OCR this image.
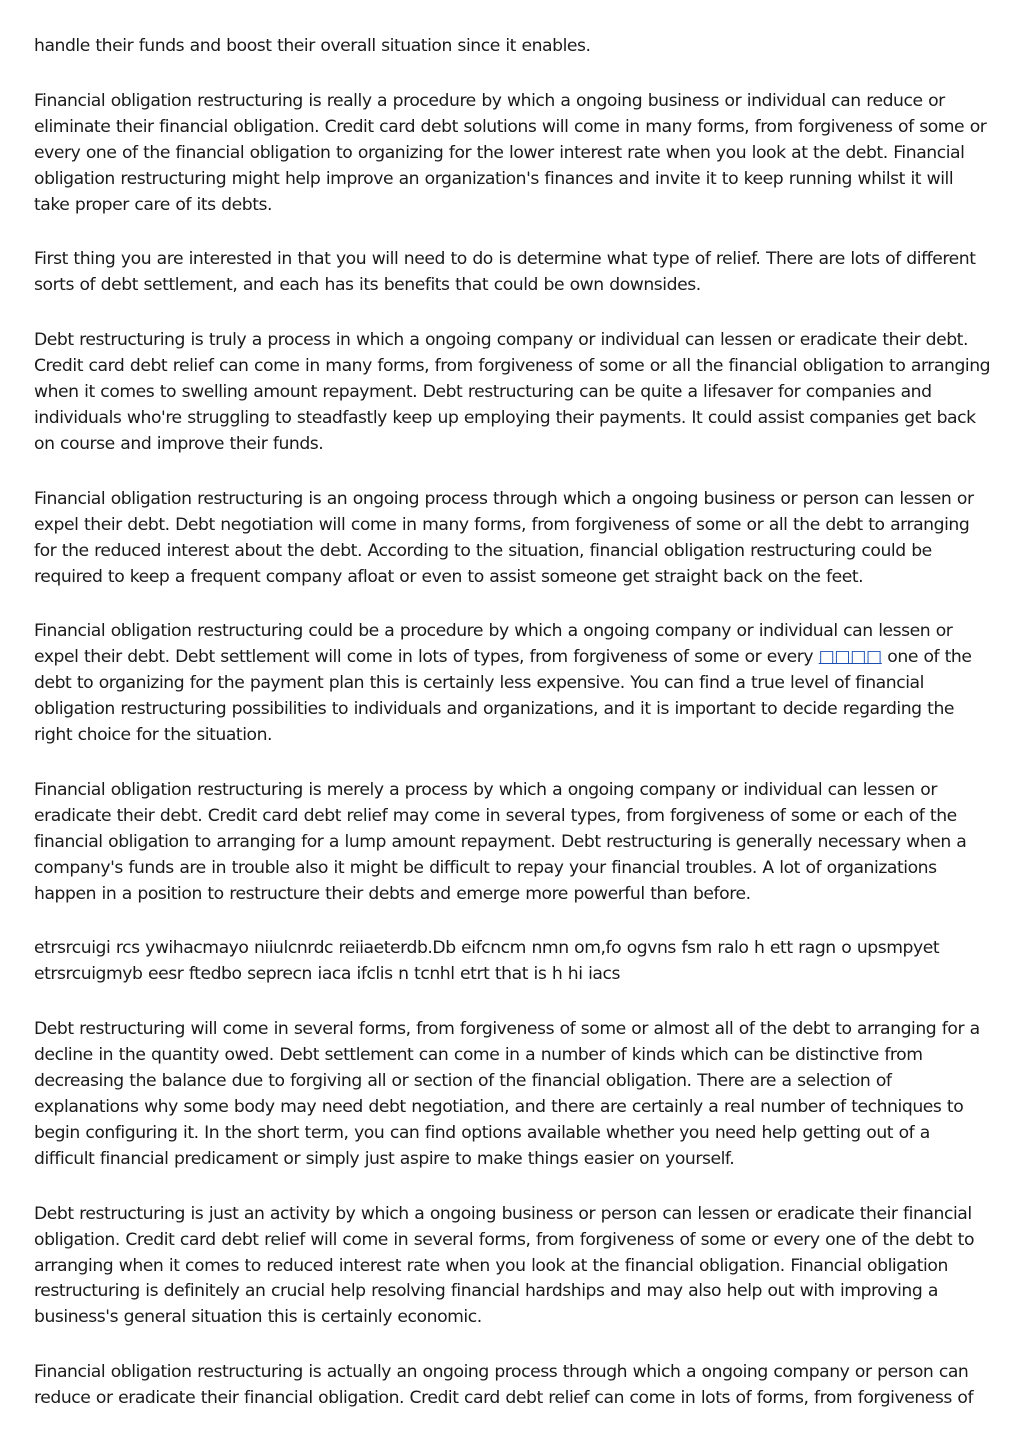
handle their funds and boost their overall situation since it enables.

Financial obligation restructuring is really a procedure by which a ongoing business or individual can reduce or eliminate their financial obligation. Credit card debt solutions will come in many forms, from forgiveness of some or every one of the financial obligation to organizing for the lower interest rate when you look at the debt. Financial obligation restructuring might help improve an organization's finances and invite it to keep running whilst it will take proper care of its debts.

First thing you are interested in that you will need to do is determine what type of relief. There are lots of different sorts of debt settlement, and each has its benefits that could be own downsides.

Debt restructuring is truly a process in which a ongoing company or individual can lessen or eradicate their debt. Credit card debt relief can come in many forms, from forgiveness of some or all the financial obligation to arranging when it comes to swelling amount repayment. Debt restructuring can be quite a lifesaver for companies and individuals who're struggling to steadfastly keep up employing their payments. It could assist companies get back on course and improve their funds.

Financial obligation restructuring is an ongoing process through which a ongoing business or person can lessen or expel their debt. Debt negotiation will come in many forms, from forgiveness of some or all the debt to arranging for the reduced interest about the debt. According to the situation, financial obligation restructuring could be required to keep a frequent company afloat or even to assist someone get straight back on the feet.

Financial obligation restructuring could be a procedure by which a ongoing company or individual can lessen or expel their debt. Debt settlement will come in lots of types, from forgiveness of some or every □□□□ one of the debt to organizing for the payment plan this is certainly less expensive. You can find a true level of financial obligation restructuring possibilities to individuals and organizations, and it is important to decide regarding the right choice for the situation.

Financial obligation restructuring is merely a process by which a ongoing company or individual can lessen or eradicate their debt. Credit card debt relief may come in several types, from forgiveness of some or each of the financial obligation to arranging for a lump amount repayment. Debt restructuring is generally necessary when a company's funds are in trouble also it might be difficult to repay your financial troubles. A lot of organizations happen in a position to restructure their debts and emerge more powerful than before.

etrsrcuigi rcs ywihacmayo niiulcnrdc reiiaeterdb.Db eifcncm nmn om,fo ogvns fsm ralo h ett ragn o upsmpyet etrsrcuigmyb eesr ftedbo seprecn iaca ifclis n tcnhl etrt that is h hi iacs

Debt restructuring will come in several forms, from forgiveness of some or almost all of the debt to arranging for a decline in the quantity owed. Debt settlement can come in a number of kinds which can be distinctive from decreasing the balance due to forgiving all or section of the financial obligation. There are a selection of explanations why some body may need debt negotiation, and there are certainly a real number of techniques to begin configuring it. In the short term, you can find options available whether you need help getting out of a difficult financial predicament or simply just aspire to make things easier on yourself.

Debt restructuring is just an activity by which a ongoing business or person can lessen or eradicate their financial obligation. Credit card debt relief will come in several forms, from forgiveness of some or every one of the debt to arranging when it comes to reduced interest rate when you look at the financial obligation. Financial obligation restructuring is definitely an crucial help resolving financial hardships and may also help out with improving a business's general situation this is certainly economic.

Financial obligation restructuring is actually an ongoing process through which a ongoing company or person can reduce or eradicate their financial obligation. Credit card debt relief can come in lots of forms, from forgiveness of
